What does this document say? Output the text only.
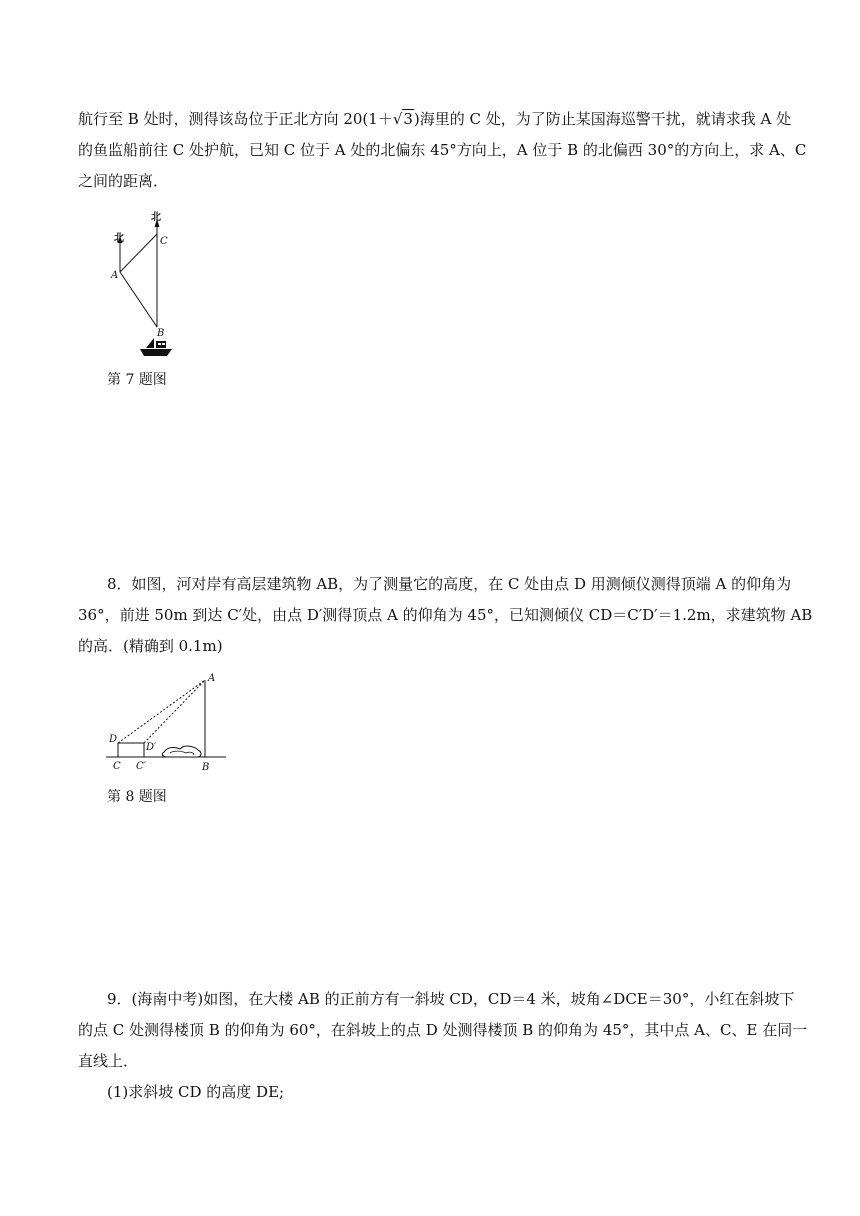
航行至 B 处时，测得该岛位于正北方向 20(1＋√3)海里的 C 处，为了防止某国海巡警干扰，就请求我 A 处
的鱼监船前往 C 处护航，已知 C 位于 A 处的北偏东 45°方向上，A 位于 B 的北偏西 30°的方向上，求 A、C
之间的距离．
北
北
A
C
B

第 7 题图

8．如图，河对岸有高层建筑物 AB，为了测量它的高度，在 C 处由点 D 用测倾仪测得顶端 A 的仰角为
36°，前进 50m 到达 C′处，由点 D′测得顶点 A 的仰角为 45°，已知测倾仪 CD＝C′D′＝1.2m，求建筑物 AB
的高．(精确到 0.1m)
A
D
D′
C C′	B

第 8 题图

9．(海南中考)如图，在大楼 AB 的正前方有一斜坡 CD，CD＝4 米，坡角∠DCE＝30°，小红在斜坡下
的点 C 处测得楼顶 B 的仰角为 60°，在斜坡上的点 D 处测得楼顶 B 的仰角为 45°，其中点 A、C、E 在同一
直线上．
(1)求斜坡 CD 的高度 DE;
